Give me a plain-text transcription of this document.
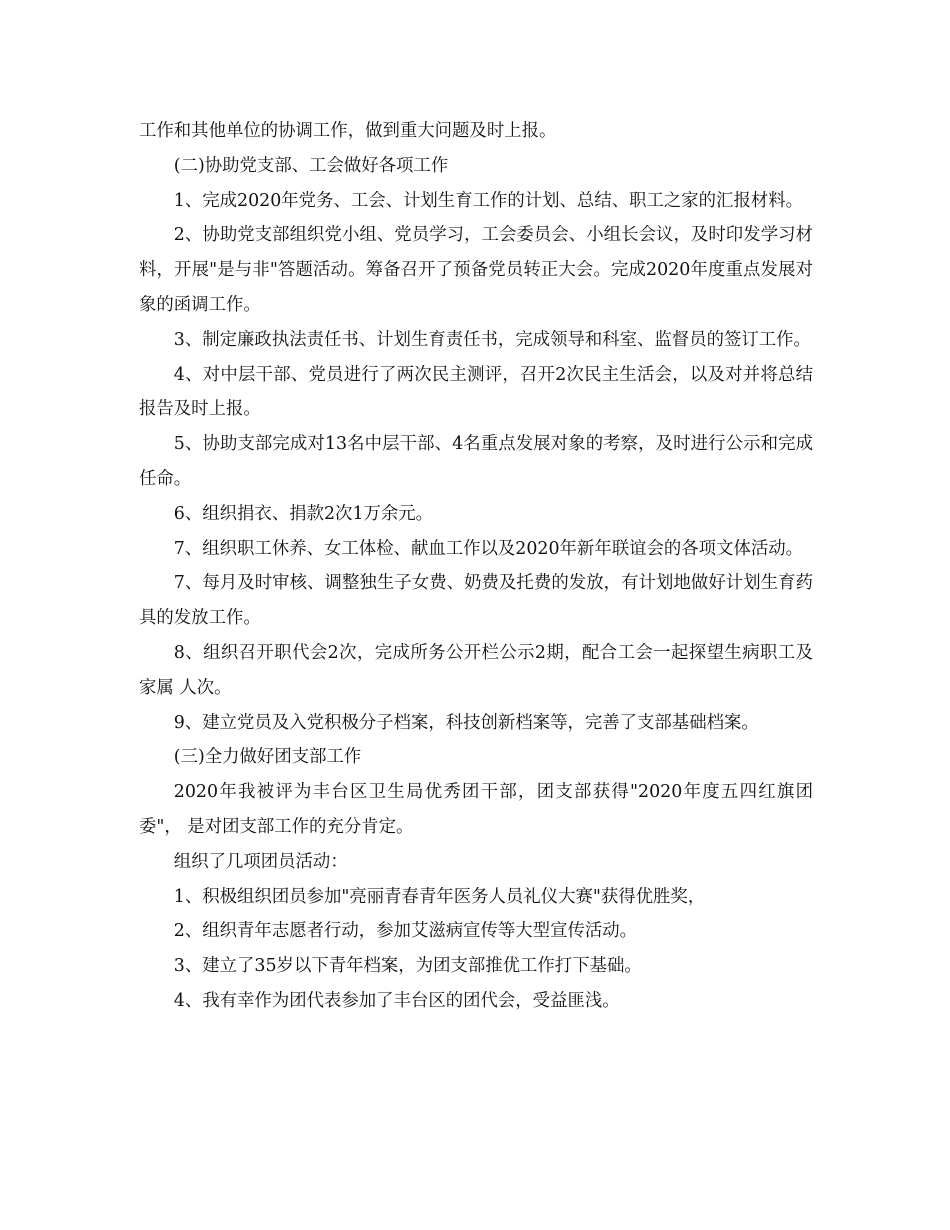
工作和其他单位的协调工作，做到重大问题及时上报。

(二)协助党支部、工会做好各项工作

1、完成2020年党务、工会、计划生育工作的计划、总结、职工之家的汇报材料。

2、协助党支部组织党小组、党员学习，工会委员会、小组长会议，及时印发学习材料，开展"是与非"答题活动。筹备召开了预备党员转正大会。完成2020年度重点发展对象的函调工作。

3、制定廉政执法责任书、计划生育责任书，完成领导和科室、监督员的签订工作。

4、对中层干部、党员进行了两次民主测评，召开2次民主生活会，以及对并将总结报告及时上报。

5、协助支部完成对13名中层干部、4名重点发展对象的考察，及时进行公示和完成任命。

6、组织捐衣、捐款2次1万余元。

7、组织职工休养、女工体检、献血工作以及2020年新年联谊会的各项文体活动。

7、每月及时审核、调整独生子女费、奶费及托费的发放，有计划地做好计划生育药具的发放工作。

8、组织召开职代会2次，完成所务公开栏公示2期，配合工会一起探望生病职工及家属 人次。

9、建立党员及入党积极分子档案，科技创新档案等，完善了支部基础档案。

(三)全力做好团支部工作

2020年我被评为丰台区卫生局优秀团干部，团支部获得"2020年度五四红旗团委"， 是对团支部工作的充分肯定。

组织了几项团员活动：

1、积极组织团员参加"亮丽青春青年医务人员礼仪大赛"获得优胜奖，

2、组织青年志愿者行动，参加艾滋病宣传等大型宣传活动。

3、建立了35岁以下青年档案，为团支部推优工作打下基础。

4、我有幸作为团代表参加了丰台区的团代会，受益匪浅。
